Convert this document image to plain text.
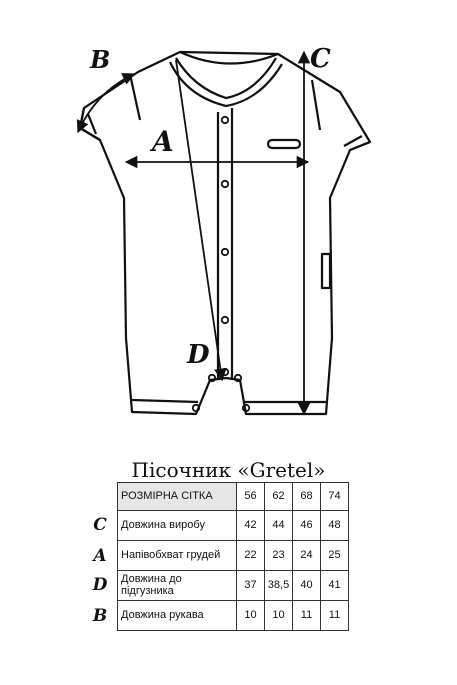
B	C
A
D
Пісочник «Gretel»
C
A
D
B
РОЗМІРНА СІТКА	56	62	68	74
Довжина виробу	42	44	46	48
Напівобхват грудей	22	23	24	25
Довжина до підгузника	37	38,5	40	41
Довжина рукава	10	10	11	11
